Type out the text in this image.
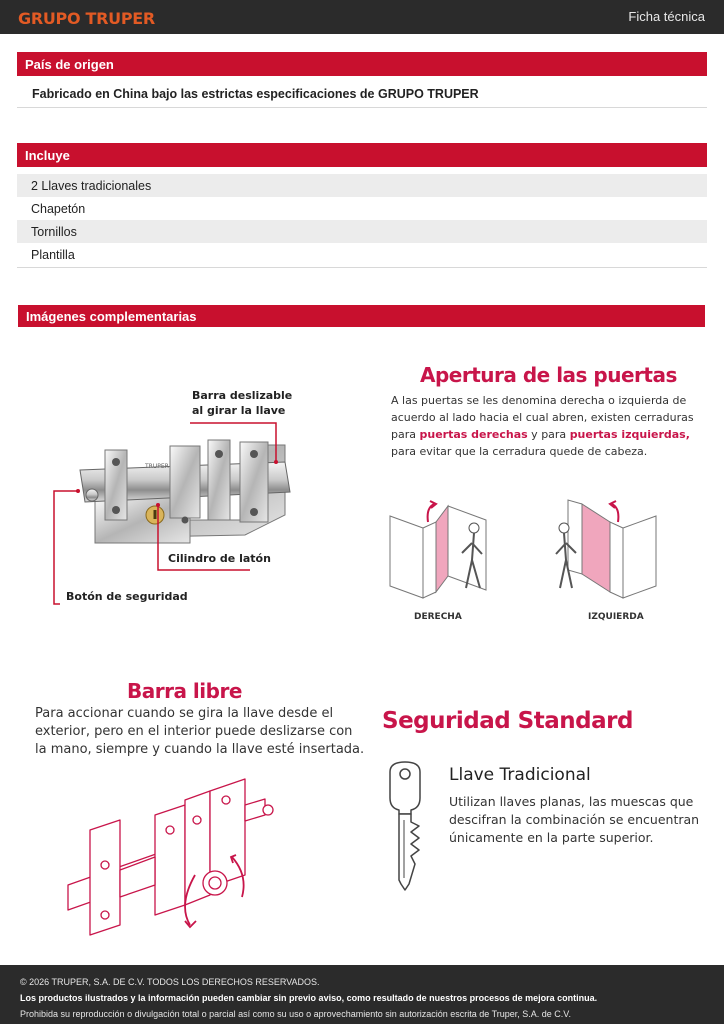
GRUPO TRUPER	Ficha técnica
País de origen
Fabricado en China bajo las estrictas especificaciones de GRUPO TRUPER
Incluye
2 Llaves tradicionales
Chapetón
Tornillos
Plantilla
Imágenes complementarias
TRUPER
Barra deslizable
al girar la llave
Cilindro de latón
Botón de seguridad
Apertura de las puertas
A las puertas se les denomina derecha o izquierda de
acuerdo al lado hacia el cual abren, existen cerraduras
para puertas derechas y para puertas izquierdas,
para evitar que la cerradura quede de cabeza.
DERECHA	IZQUIERDA
Barra libre
Para accionar cuando se gira la llave desde el
exterior, pero en el interior puede deslizarse con
la mano, siempre y cuando la llave esté insertada.
Seguridad Standard
Llave Tradicional
Utilizan llaves planas, las muescas que
descifran la combinación se encuentran
únicamente en la parte superior.
© 2026 TRUPER, S.A. DE C.V. TODOS LOS DERECHOS RESERVADOS.
Los productos ilustrados y la información pueden cambiar sin previo aviso, como resultado de nuestros procesos de mejora continua.
Prohibida su reproducción o divulgación total o parcial así como su uso o aprovechamiento sin autorización escrita de Truper, S.A. de C.V.
